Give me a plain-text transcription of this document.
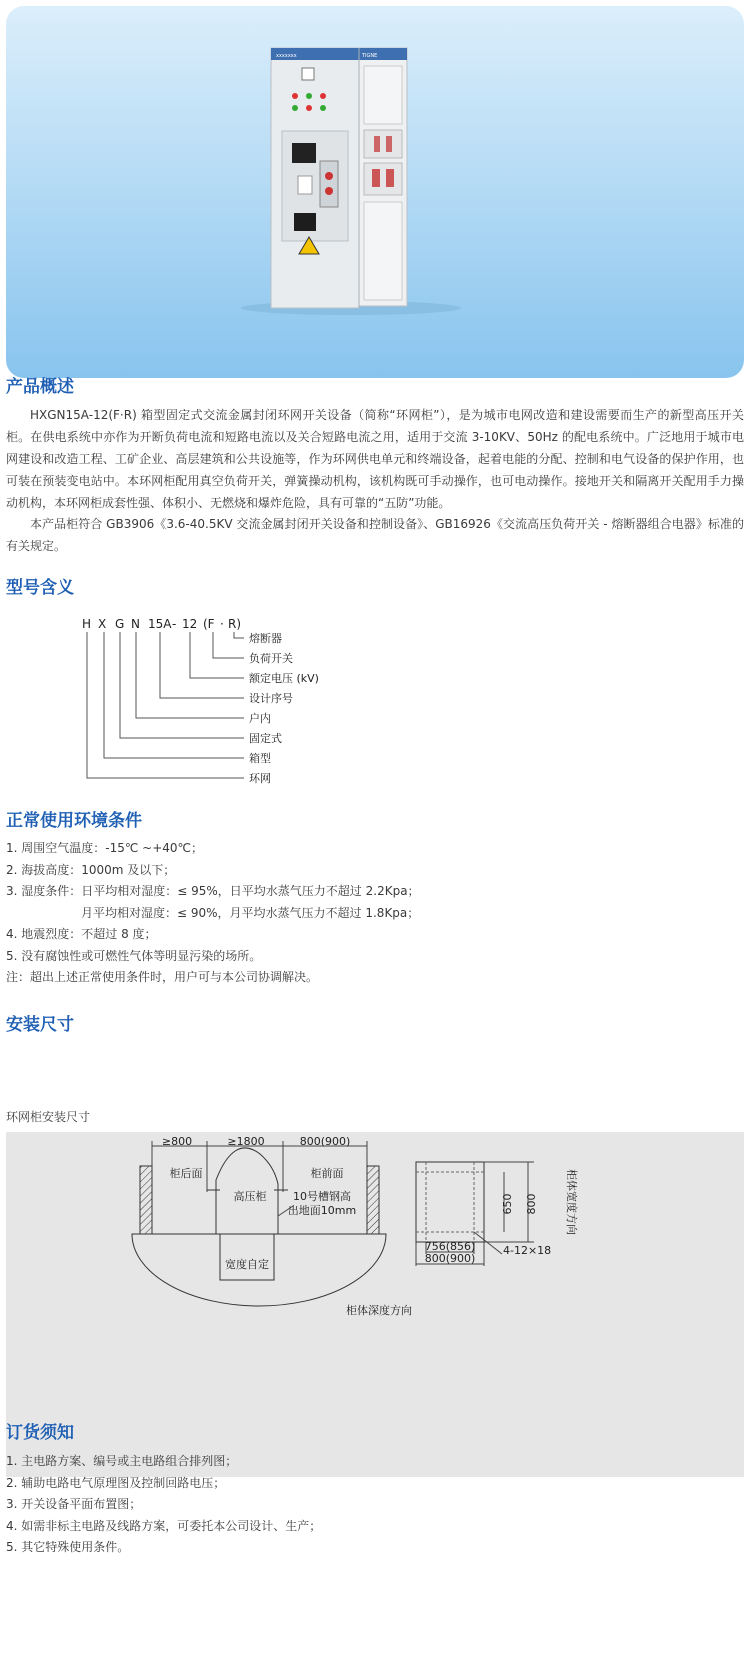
xxxxxxx	TIGNE
产品概述

HXGN15A-12(F·R) 箱型固定式交流金属封闭环网开关设备（简称“环网柜”），是为城市电网改造和建设需要而生产的新型高压开关柜。在供电系统中亦作为开断负荷电流和短路电流以及关合短路电流之用，适用于交流 3-10KV、50Hz 的配电系统中。广泛地用于城市电网建设和改造工程、工矿企业、高层建筑和公共设施等，作为环网供电单元和终端设备，起着电能的分配、控制和电气设备的保护作用，也可装在预装变电站中。本环网柜配用真空负荷开关，弹簧操动机构，该机构既可手动操作，也可电动操作。接地开关和隔离开关配用手力操动机构，本环网柜成套性强、体积小、无燃烧和爆炸危险，具有可靠的“五防”功能。

本产品柜符合 GB3906《3.6-40.5KV 交流金属封闭开关设备和控制设备》、GB16926《交流高压负荷开关 - 熔断器组合电器》标准的有关规定。

型号含义
H X G N 15A - 12 (F · R)
熔断器
负荷开关
额定电压 (kV)
设计序号
户内
固定式
箱型
环网
正常使用环境条件
1. 周围空气温度：-15℃ ~+40℃；
2. 海拔高度：1000m 及以下；
3. 湿度条件：日平均相对湿度：≤ 95%，日平均水蒸气压力不超过 2.2Kpa；
月平均相对湿度：≤ 90%，月平均水蒸气压力不超过 1.8Kpa；
4. 地震烈度：不超过 8 度；
5. 没有腐蚀性或可燃性气体等明显污染的场所。
注：超出上述正常使用条件时，用户可与本公司协调解决。
安装尺寸
环网柜安装尺寸
≥800	≥1800	800(900)
柜后面
高压柜
柜前面
10号槽钢高
出地面10mm
宽度自定
柜体深度方向
650 800
756(856)
800(900)
4-12×18
柜体宽度方向
订货须知
1. 主电路方案、编号或主电路组合排列图；
2. 辅助电路电气原理图及控制回路电压；
3. 开关设备平面布置图；
4. 如需非标主电路及线路方案，可委托本公司设计、生产；
5. 其它特殊使用条件。
